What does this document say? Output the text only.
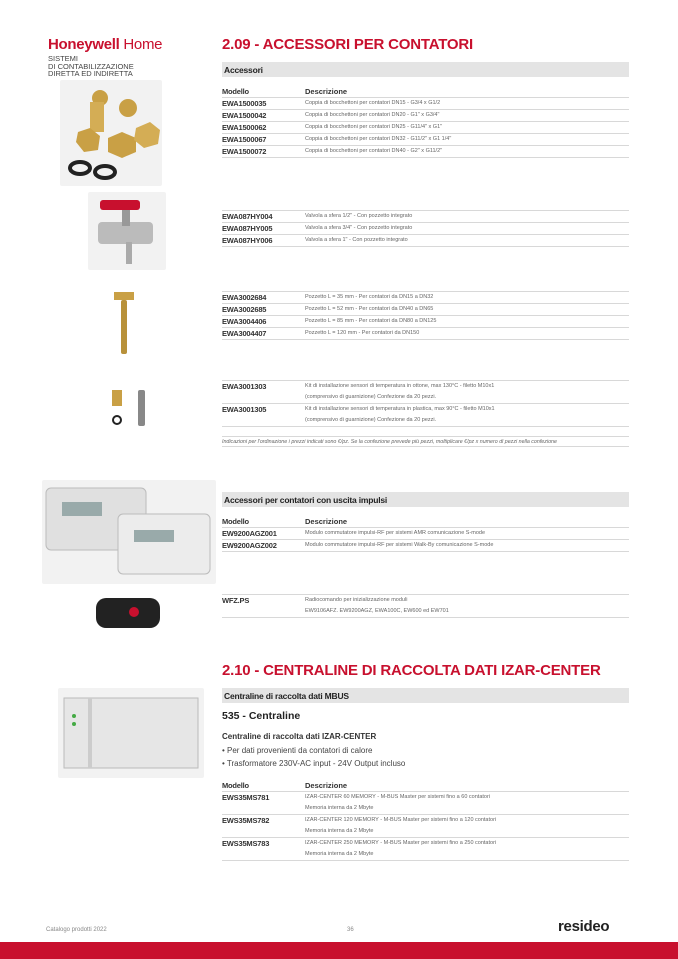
Honeywell Home
SISTEMI
DI CONTABILIZZAZIONE
DIRETTA ED INDIRETTA
2.09 - ACCESSORI PER CONTATORI
Accessori
Modello	Descrizione
EWA1500035	Coppia di bocchettoni per contatori DN15 - G3/4 x G1/2
EWA1500042	Coppia di bocchettoni per contatori DN20 - G1" x G3/4"
EWA1500062	Coppia di bocchettoni per contatori DN25 - G11/4" x G1"
EWA1500067	Coppia di bocchettoni per contatori DN32 - G11/2" x G1 1/4"
EWA1500072	Coppia di bocchettoni per contatori DN40 - G2" x G11/2"
EWA087HY004	Valvola a sfera 1/2" - Con pozzetto integrato
EWA087HY005	Valvola a sfera 3/4" - Con pozzetto integrato
EWA087HY006	Valvola a sfera 1" - Con pozzetto integrato
EWA3002684	Pozzetto L = 35 mm - Per contatori da DN15 a DN32
EWA3002685	Pozzetto L = 52 mm - Per contatori da DN40 a DN65
EWA3004406	Pozzetto L = 85 mm - Per contatori da DN80 a DN125
EWA3004407	Pozzetto L = 120 mm - Per contatori da DN150
EWA3001303	Kit di installazione sensori di temperatura in ottone, max 130°C - filetto M10x1
(comprensivo di guarnizione) Confezione da 20 pezzi.
EWA3001305	Kit di installazione sensori di temperatura in plastica, max 90°C - filetto M10x1
(comprensivo di guarnizione) Confezione da 20 pezzi.
Indicazioni per l'ordinazione i prezzi indicati sono €/pz. Se la confezione prevede più pezzi, moltiplicare €/pz x numero di pezzi nella confezione
Accessori per contatori con uscita impulsi
Modello	Descrizione
EW9200AGZ001	Modulo commutatore impulsi-RF per sistemi AMR comunicazione S-mode
EW9200AGZ002	Modulo commutatore impulsi-RF per sistemi Walk-By comunicazione S-mode
WFZ.PS	Radiocomando per inizializzazione moduli
EW9106AFZ. EW9200AGZ, EWA100C, EW600 ed EW701
2.10 - CENTRALINE DI RACCOLTA DATI IZAR-CENTER
Centraline di raccolta dati MBUS
535 - Centraline
Centraline di raccolta dati IZAR-CENTER
• Per dati provenienti da contatori di calore
• Trasformatore 230V-AC input - 24V Output incluso
Modello	Descrizione
EWS35MS781	IZAR-CENTER 60 MEMORY - M-BUS Master per sistemi fino a 60 contatori
Memoria interna da 2 Mbyte
EWS35MS782	IZAR-CENTER 120 MEMORY - M-BUS Master per sistemi fino a 120 contatori
Memoria interna da 2 Mbyte
EWS35MS783	IZAR-CENTER 250 MEMORY - M-BUS Master per sistemi fino a 250 contatori
Memoria interna da 2 Mbyte
Catalogo prodotti 2022	36	resideo
